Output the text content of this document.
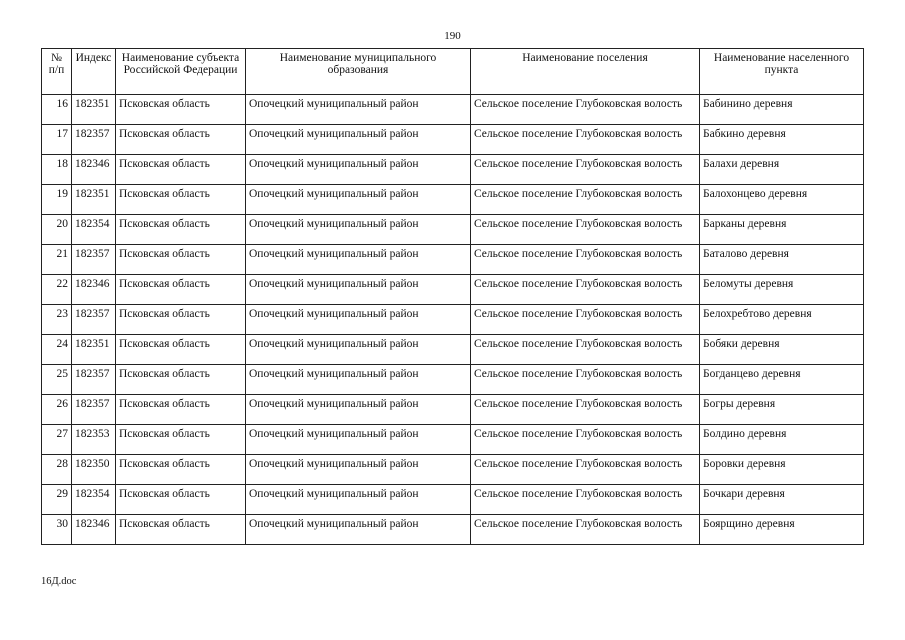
190
№ п/п	Индекс	Наименование субъекта Российской Федерации	Наименование муниципального образования	Наименование поселения	Наименование населенного пункта
16	182351	Псковская область	Опочецкий муниципальный район	Сельское поселение Глубоковская волость	Бабинино деревня
17	182357	Псковская область	Опочецкий муниципальный район	Сельское поселение Глубоковская волость	Бабкино деревня
18	182346	Псковская область	Опочецкий муниципальный район	Сельское поселение Глубоковская волость	Балахи деревня
19	182351	Псковская область	Опочецкий муниципальный район	Сельское поселение Глубоковская волость	Балохонцево деревня
20	182354	Псковская область	Опочецкий муниципальный район	Сельское поселение Глубоковская волость	Барканы деревня
21	182357	Псковская область	Опочецкий муниципальный район	Сельское поселение Глубоковская волость	Баталово деревня
22	182346	Псковская область	Опочецкий муниципальный район	Сельское поселение Глубоковская волость	Беломуты деревня
23	182357	Псковская область	Опочецкий муниципальный район	Сельское поселение Глубоковская волость	Белохребтово деревня
24	182351	Псковская область	Опочецкий муниципальный район	Сельское поселение Глубоковская волость	Бобяки деревня
25	182357	Псковская область	Опочецкий муниципальный район	Сельское поселение Глубоковская волость	Богданцево деревня
26	182357	Псковская область	Опочецкий муниципальный район	Сельское поселение Глубоковская волость	Богры деревня
27	182353	Псковская область	Опочецкий муниципальный район	Сельское поселение Глубоковская волость	Болдино деревня
28	182350	Псковская область	Опочецкий муниципальный район	Сельское поселение Глубоковская волость	Боровки деревня
29	182354	Псковская область	Опочецкий муниципальный район	Сельское поселение Глубоковская волость	Бочкари деревня
30	182346	Псковская область	Опочецкий муниципальный район	Сельское поселение Глубоковская волость	Боярщино деревня
16Д.doc
